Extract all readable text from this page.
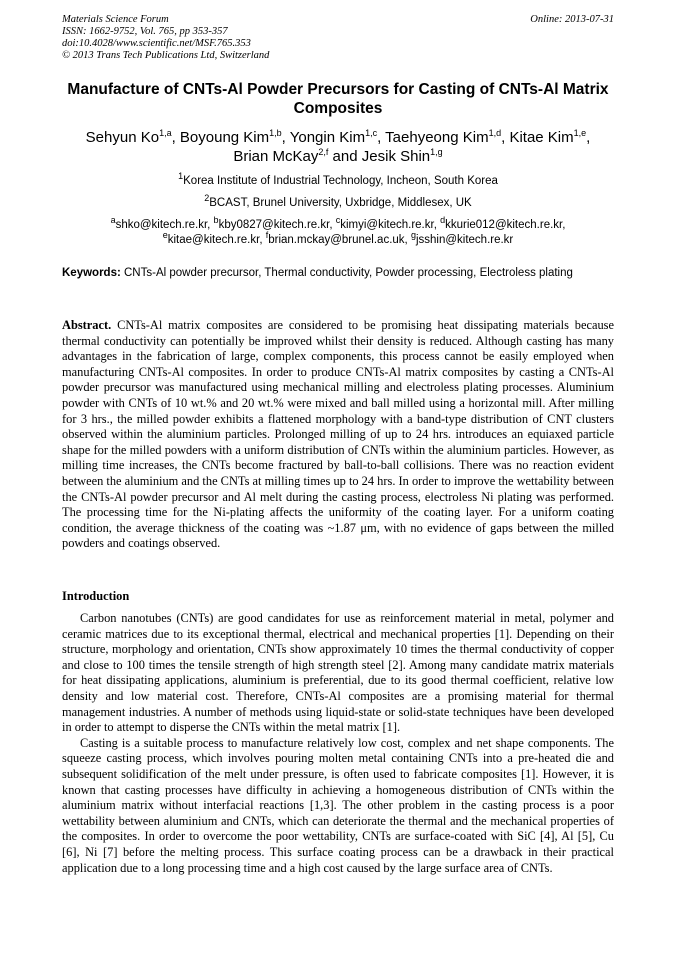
Materials Science Forum
ISSN: 1662-9752, Vol. 765, pp 353-357
doi:10.4028/www.scientific.net/MSF.765.353
© 2013 Trans Tech Publications Ltd, Switzerland
Online: 2013-07-31
Manufacture of CNTs-Al Powder Precursors for Casting of CNTs-Al Matrix Composites
Sehyun Ko$^{1,a}$, Boyoung Kim$^{1,b}$, Yongin Kim$^{1,c}$, Taehyeong Kim$^{1,d}$, Kitae Kim$^{1,e}$,
Brian McKay$^{2,f}$ and Jesik Shin$^{1,g}$
$^1$Korea Institute of Industrial Technology, Incheon, South Korea
$^2$BCAST, Brunel University, Uxbridge, Middlesex, UK
$^a$shko@kitech.re.kr, $^b$kby0827@kitech.re.kr, $^c$kimyi@kitech.re.kr, $^d$kkurie012@kitech.re.kr,
$^e$kitae@kitech.re.kr, $^f$brian.mckay@brunel.ac.uk, $^g$jsshin@kitech.re.kr
Keywords: CNTs-Al powder precursor, Thermal conductivity, Powder processing, Electroless plating
Abstract. CNTs-Al matrix composites are considered to be promising heat dissipating materials because thermal conductivity can potentially be improved whilst their density is reduced. Although casting has many advantages in the fabrication of large, complex components, this process cannot be easily employed when manufacturing CNTs-Al composites. In order to produce CNTs-Al matrix composites by casting a CNTs-Al powder precursor was manufactured using mechanical milling and electroless plating processes. Aluminium powder with CNTs of 10 wt.% and 20 wt.% were mixed and ball milled using a horizontal mill. After milling for 3 hrs., the milled powder exhibits a flattened morphology with a band-type distribution of CNT clusters observed within the aluminium particles. Prolonged milling of up to 24 hrs. introduces an equiaxed particle shape for the milled powders with a uniform distribution of CNTs within the aluminium particles. However, as milling time increases, the CNTs become fractured by ball-to-ball collisions. There was no reaction evident between the aluminium and the CNTs at milling times up to 24 hrs. In order to improve the wettability between the CNTs-Al powder precursor and Al melt during the casting process, electroless Ni plating was performed. The processing time for the Ni-plating affects the uniformity of the coating layer. For a uniform coating condition, the average thickness of the coating was ~1.87 μm, with no evidence of gaps between the milled powders and coatings observed.
Introduction

Carbon nanotubes (CNTs) are good candidates for use as reinforcement material in metal, polymer and ceramic matrices due to its exceptional thermal, electrical and mechanical properties [1]. Depending on their structure, morphology and orientation, CNTs show approximately 10 times the thermal conductivity of copper and close to 100 times the tensile strength of high strength steel [2]. Among many candidate matrix materials for heat dissipating applications, aluminium is preferential, due to its good thermal coefficient, relative low density and low material cost. Therefore, CNTs-Al composites are a promising material for thermal management industries. A number of methods using liquid-state or solid-state techniques have been developed in order to attempt to disperse the CNTs within the metal matrix [1].

Casting is a suitable process to manufacture relatively low cost, complex and net shape components. The squeeze casting process, which involves pouring molten metal containing CNTs into a pre-heated die and subsequent solidification of the melt under pressure, is often used to fabricate composites [1]. However, it is known that casting processes have difficulty in achieving a homogeneous distribution of CNTs within the aluminium matrix without interfacial reactions [1,3]. The other problem in the casting process is a poor wettability between aluminium and CNTs, which can deteriorate the thermal and the mechanical properties of the composites. In order to overcome the poor wettability, CNTs are surface-coated with SiC [4], Al [5], Cu [6], Ni [7] before the melting process. This surface coating process can be a drawback in their practical application due to a long processing time and a high cost caused by the large surface area of CNTs.
